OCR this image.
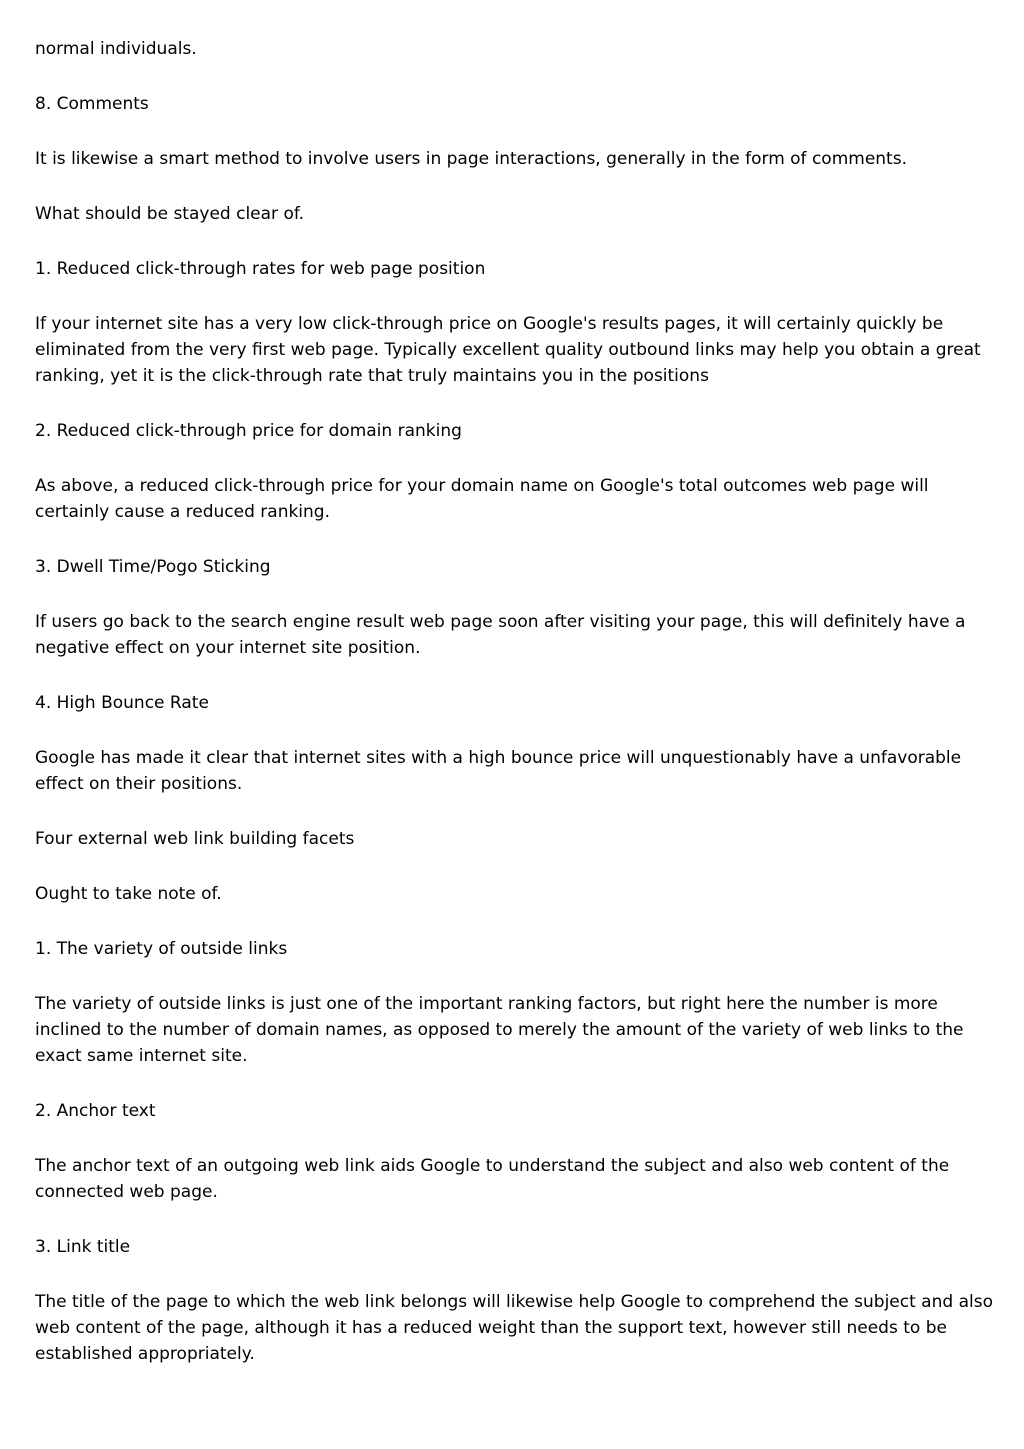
normal individuals.

8. Comments

It is likewise a smart method to involve users in page interactions, generally in the form of comments.

What should be stayed clear of.

1. Reduced click-through rates for web page position

If your internet site has a very low click-through price on Google's results pages, it will certainly quickly be eliminated from the very first web page. Typically excellent quality outbound links may help you obtain a great ranking, yet it is the click-through rate that truly maintains you in the positions

2. Reduced click-through price for domain ranking

As above, a reduced click-through price for your domain name on Google's total outcomes web page will certainly cause a reduced ranking.

3. Dwell Time/Pogo Sticking

If users go back to the search engine result web page soon after visiting your page, this will definitely have a negative effect on your internet site position.

4. High Bounce Rate

Google has made it clear that internet sites with a high bounce price will unquestionably have a unfavorable effect on their positions.

Four external web link building facets

Ought to take note of.

1. The variety of outside links

The variety of outside links is just one of the important ranking factors, but right here the number is more inclined to the number of domain names, as opposed to merely the amount of the variety of web links to the exact same internet site.

2. Anchor text

The anchor text of an outgoing web link aids Google to understand the subject and also web content of the connected web page.

3. Link title

The title of the page to which the web link belongs will likewise help Google to comprehend the subject and also web content of the page, although it has a reduced weight than the support text, however still needs to be established appropriately.
